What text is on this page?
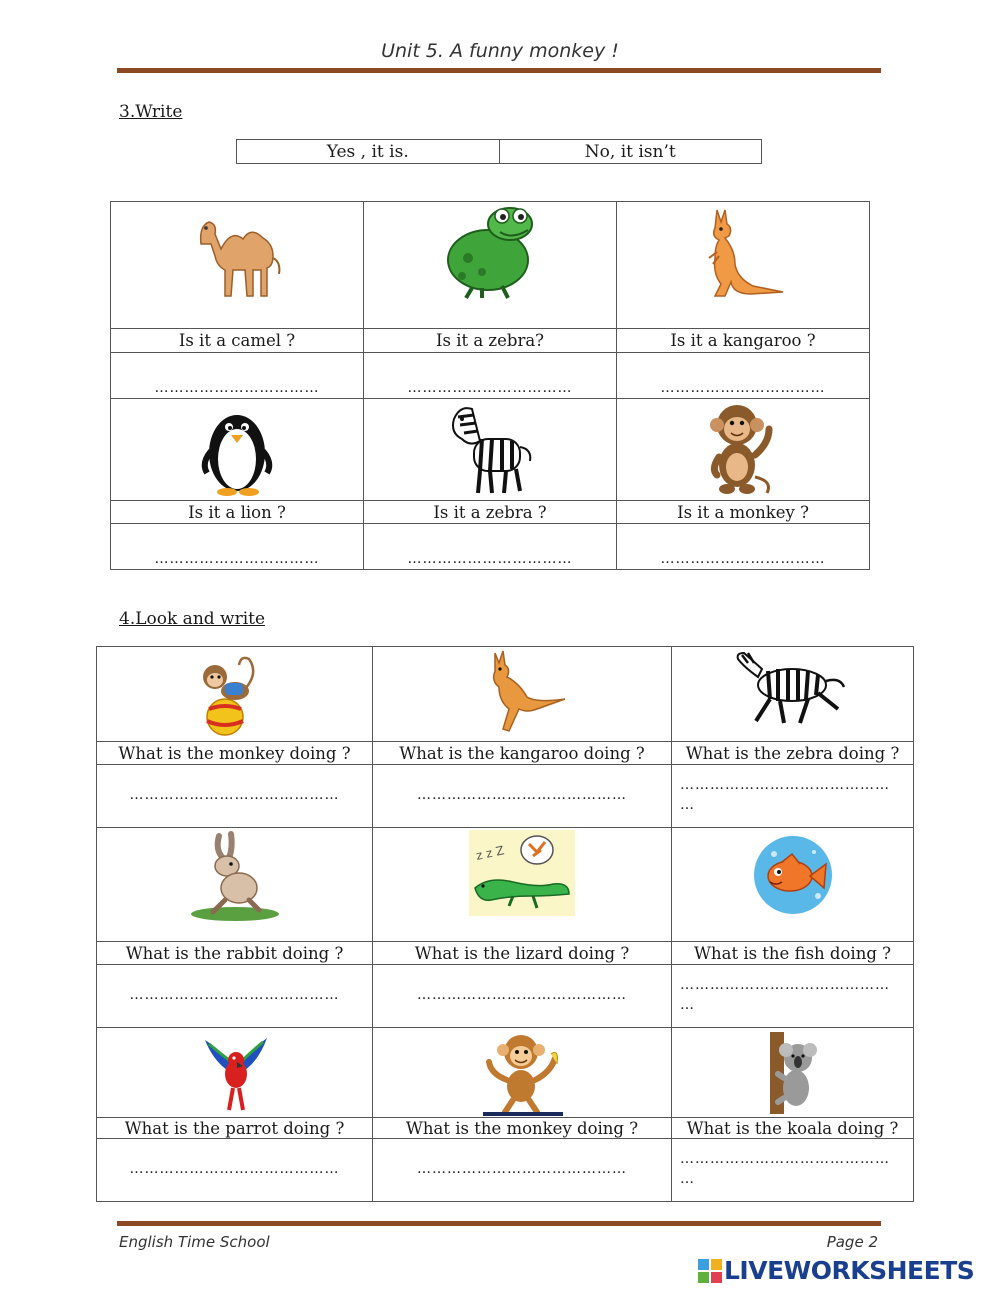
Unit 5. A funny monkey !
3.Write
Yes , it is.	No, it isn’t

Is it a camel ?	Is it a zebra?	Is it a kangaroo ?
……………………………	……………………………	……………………………

Is it a lion ?	Is it a zebra ?	Is it a monkey ?
……………………………	……………………………	……………………………
4.Look and write

What is the monkey doing ?	What is the kangaroo doing ?	What is the zebra doing ?
……………………………………	……………………………………	……………………………………
…

z z Z

What is the rabbit doing ?	What is the lizard doing ?	What is the fish doing ?
……………………………………	……………………………………	……………………………………
…

What is the parrot doing ?	What is the monkey doing ?	What is the koala doing ?
……………………………………	……………………………………	……………………………………
…
English Time School	Page 2
LIVEWORKSHEETS
